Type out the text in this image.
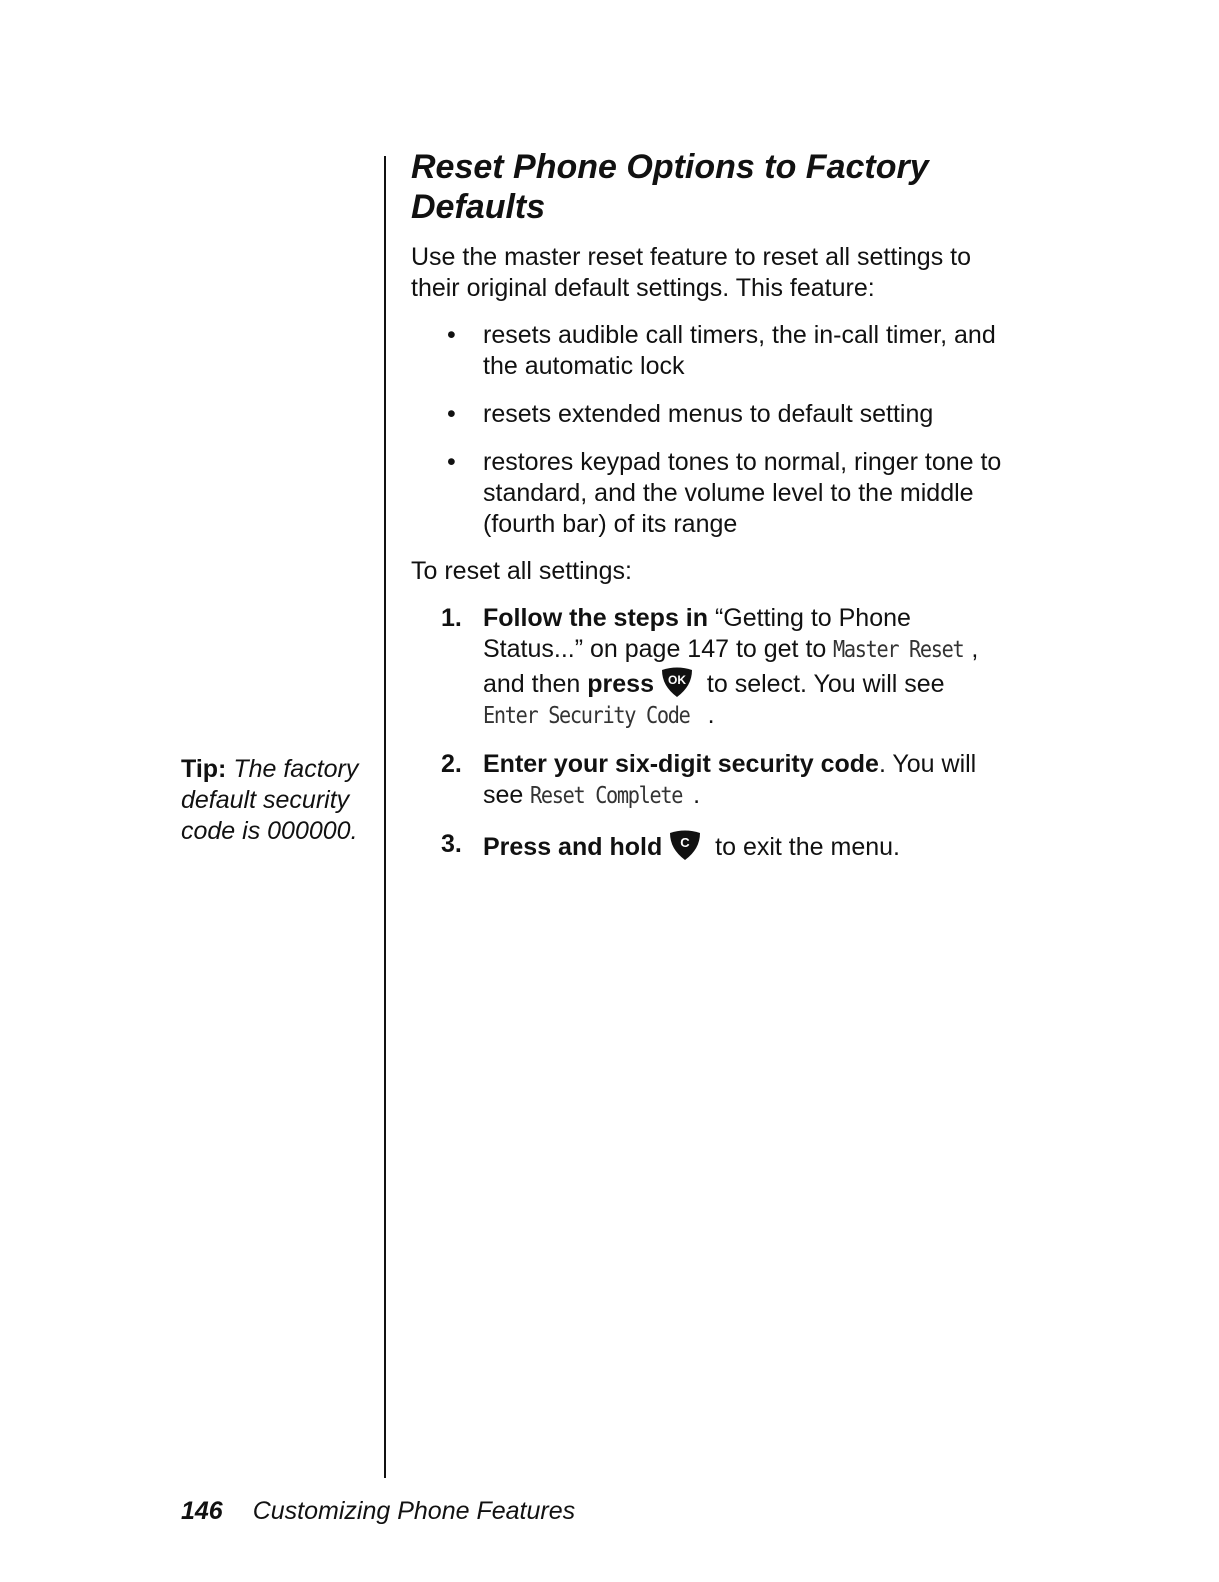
Tip: The factory default security code is 000000.
Reset Phone Options to Factory Defaults

Use the master reset feature to reset all settings to their original default settings. This feature:

• resets audible call timers, the in-call timer, and the automatic lock
• resets extended menus to default setting
• restores keypad tones to normal, ringer tone to standard, and the volume level to the middle (fourth bar) of its range

To reset all settings:

1. Follow the steps in “Getting to Phone Status...” on page 147 to get to Master Reset , and then press OK to select. You will see Enter Security Code .
2. Enter your six-digit security code. You will see Reset Complete .
3. Press and hold C to exit the menu.
146 Customizing Phone Features
